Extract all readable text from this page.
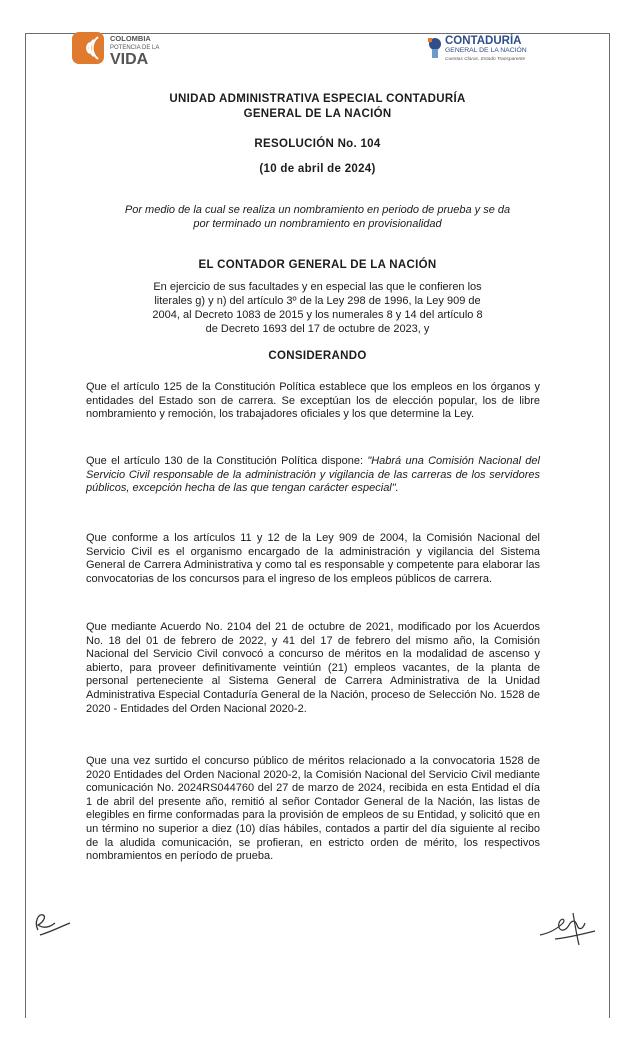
COLOMBIA
POTENCIA DE LA
VIDA
CONTADURÍA
GENERAL DE LA NACIÓN
Cuentas Claras, Estado Transparente
UNIDAD ADMINISTRATIVA ESPECIAL CONTADURÍA
GENERAL DE LA NACIÓN
RESOLUCIÓN No. 104
(10 de abril de 2024)
Por medio de la cual se realiza un nombramiento en periodo de prueba y se da
por terminado un nombramiento en provisionalidad
EL CONTADOR GENERAL DE LA NACIÓN
En ejercicio de sus facultades y en especial las que le confieren los
literales g) y n) del artículo 3º de la Ley 298 de 1996, la Ley 909 de
2004, al Decreto 1083 de 2015 y los numerales 8 y 14 del artículo 8
de Decreto 1693 del 17 de octubre de 2023, y
CONSIDERANDO
Que el artículo 125 de la Constitución Política establece que los empleos en los órganos y entidades del Estado son de carrera. Se exceptúan los de elección popular, los de libre nombramiento y remoción, los trabajadores oficiales y los que determine la Ley.
Que el artículo 130 de la Constitución Política dispone: "Habrá una Comisión Nacional del Servicio Civil responsable de la administración y vigilancia de las carreras de los servidores públicos, excepción hecha de las que tengan carácter especial".
Que conforme a los artículos 11 y 12 de la Ley 909 de 2004, la Comisión Nacional del Servicio Civil es el organismo encargado de la administración y vigilancia del Sistema General de Carrera Administrativa y como tal es responsable y competente para elaborar las convocatorias de los concursos para el ingreso de los empleos públicos de carrera.
Que mediante Acuerdo No. 2104 del 21 de octubre de 2021, modificado por los Acuerdos No. 18 del 01 de febrero de 2022, y 41 del 17 de febrero del mismo año, la Comisión Nacional del Servicio Civil convocó a concurso de méritos en la modalidad de ascenso y abierto, para proveer definitivamente veintiún (21) empleos vacantes, de la planta de personal perteneciente al Sistema General de Carrera Administrativa de la Unidad Administrativa Especial Contaduría General de la Nación, proceso de Selección No. 1528 de 2020 - Entidades del Orden Nacional 2020-2.
Que una vez surtido el concurso público de méritos relacionado a la convocatoria 1528 de 2020 Entidades del Orden Nacional 2020-2, la Comisión Nacional del Servicio Civil mediante comunicación No. 2024RS044760 del 27 de marzo de 2024, recibida en esta Entidad el día 1 de abril del presente año, remitió al señor Contador General de la Nación, las listas de elegibles en firme conformadas para la provisión de empleos de su Entidad, y solicitó que en un término no superior a diez (10) días hábiles, contados a partir del día siguiente al recibo de la aludida comunicación, se profieran, en estricto orden de mérito, los respectivos nombramientos en período de prueba.
